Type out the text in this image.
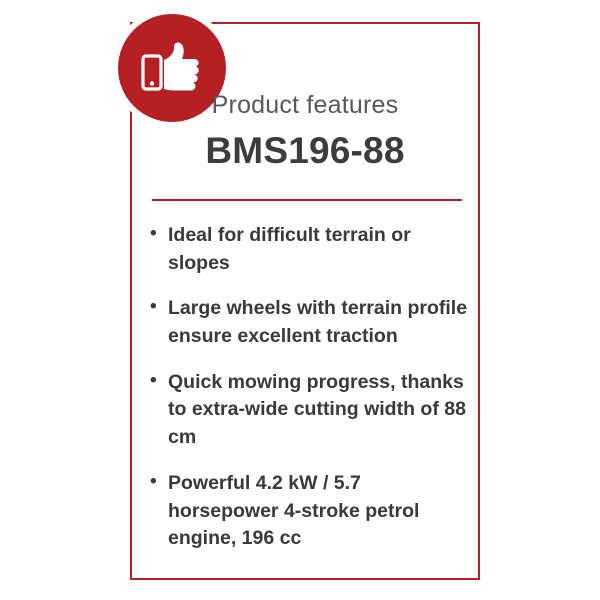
Product features

BMS196-88

• Ideal for difficult terrain or slopes
• Large wheels with terrain profile ensure excellent traction
• Quick mowing progress, thanks to extra-wide cutting width of 88 cm
• Powerful 4.2 kW / 5.7 horsepower 4-stroke petrol engine, 196 cc
